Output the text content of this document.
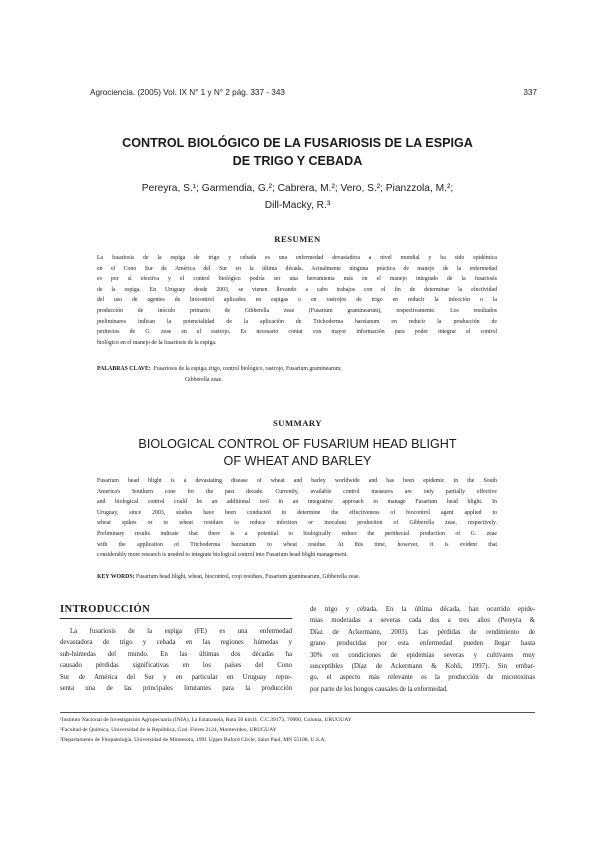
Agrociencia. (2005) Vol. IX N° 1 y N° 2 pág. 337 - 343	337
CONTROL BIOLÓGICO DE LA FUSARIOSIS DE LA ESPIGA
DE TRIGO Y CEBADA
Pereyra, S.¹; Garmendia, G.²; Cabrera, M.²; Vero, S.²; Pianzzola, M.²;
Dill-Macky, R.³
RESUMEN
La fusariosis de la espiga de trigo y cebada es una enfermedad devastadora a nivel mundial y ha sido epidémica
en el Cono Sur de América del Sur en la última década. Actualmente ninguna práctica de manejo de la enfermedad
es por sí efectiva y el control biológico podría ser una herramienta más en el manejo integrado de la fusariosis
de la espiga. En Uruguay desde 2003, se vienen llevando a cabo trabajos con el fin de determinar la efectividad
del uso de agentes de biocontrol aplicados en espigas o en rastrojos de trigo en reducir la infección o la
producción de inóculo primario de Gibberella zeae (Fusarium graminearum), respectivamente. Los resultados
preliminares indican la potencialidad de la aplicación de Trichoderma harzianum en reducir la producción de
peritecios de G. zeae en el rastrojo. Es necesario contar con mayor información para poder integrar el control
biológico en el manejo de la fusariosis de la espiga.
PALABRAS CLAVE: Fusariosis de la espiga, trigo, control biológico, rastrojo, Fusarium graminearum,
Gibberella zeae.
SUMMARY
BIOLOGICAL CONTROL OF FUSARIUM HEAD BLIGHT
OF WHEAT AND BARLEY
Fusarium head blight is a devastating disease of wheat and barley worldwide and has been epidemic in the South
America's Southern cone for the past decade. Currently, available control measures are only partially effective
and biological control could be an additional tool in an integrative approach to manage Fusarium head blight. In
Uruguay, since 2003, studies have been conducted to determine the effectiveness of biocontrol agent applied to
wheat spikes or to wheat residues to reduce infection or inoculum production of Gibberella zeae, respectively.
Preliminary results indicate that there is a potential to biologically reduce the perithecial production of G. zeae
with the application of Trichoderma harzianum to wheat residue. At this time, however, it is evident that
considerably more research is needed to integrate biological control into Fusarium head blight management.
KEY WORDS: Fusarium head blight, wheat, biocontrol, crop residues, Fusarium graminearum, Gibberella zeae.
INTRODUCCIÓN
La fusariosis de la espiga (FE) es una enfermedad
devastadora de trigo y cebada en las regiones húmedas y
sub-húmedas del mundo. En las últimas dos décadas ha
causado pérdidas significativas en los países del Cono
Sur de América del Sur y en particular en Uruguay repre-
senta una de las principales limitantes para la producción
de trigo y cebada. En la última década, han ocurrido epide-
mias moderadas a severas cada dos a tres años (Pereyra &
Díaz de Ackermann, 2003). Las pérdidas de rendimiento de
grano producidas por esta enfermedad pueden llegar hasta
30% en condiciones de epidemias severas y cultivares muy
susceptibles (Díaz de Ackermann & Kohli, 1997). Sin embar-
go, el aspecto más relevante es la producción de micotoxinas
por parte de los hongos causales de la enfermedad.
¹Instituto Nacional de Investigación Agropecuaria (INIA), La Estanzuela, Ruta 50 km11. C.C.39173, 70000, Colonia, URUGUAY
²Facultad de Química, Universidad de la República, Gral. Flores 2124, Montevideo, URUGUAY
³Departamento de Fitopatología, Universidad de Minnesota, 1991 Upper Buford Circle, Saint Paul, MN 55108, U.S.A.
